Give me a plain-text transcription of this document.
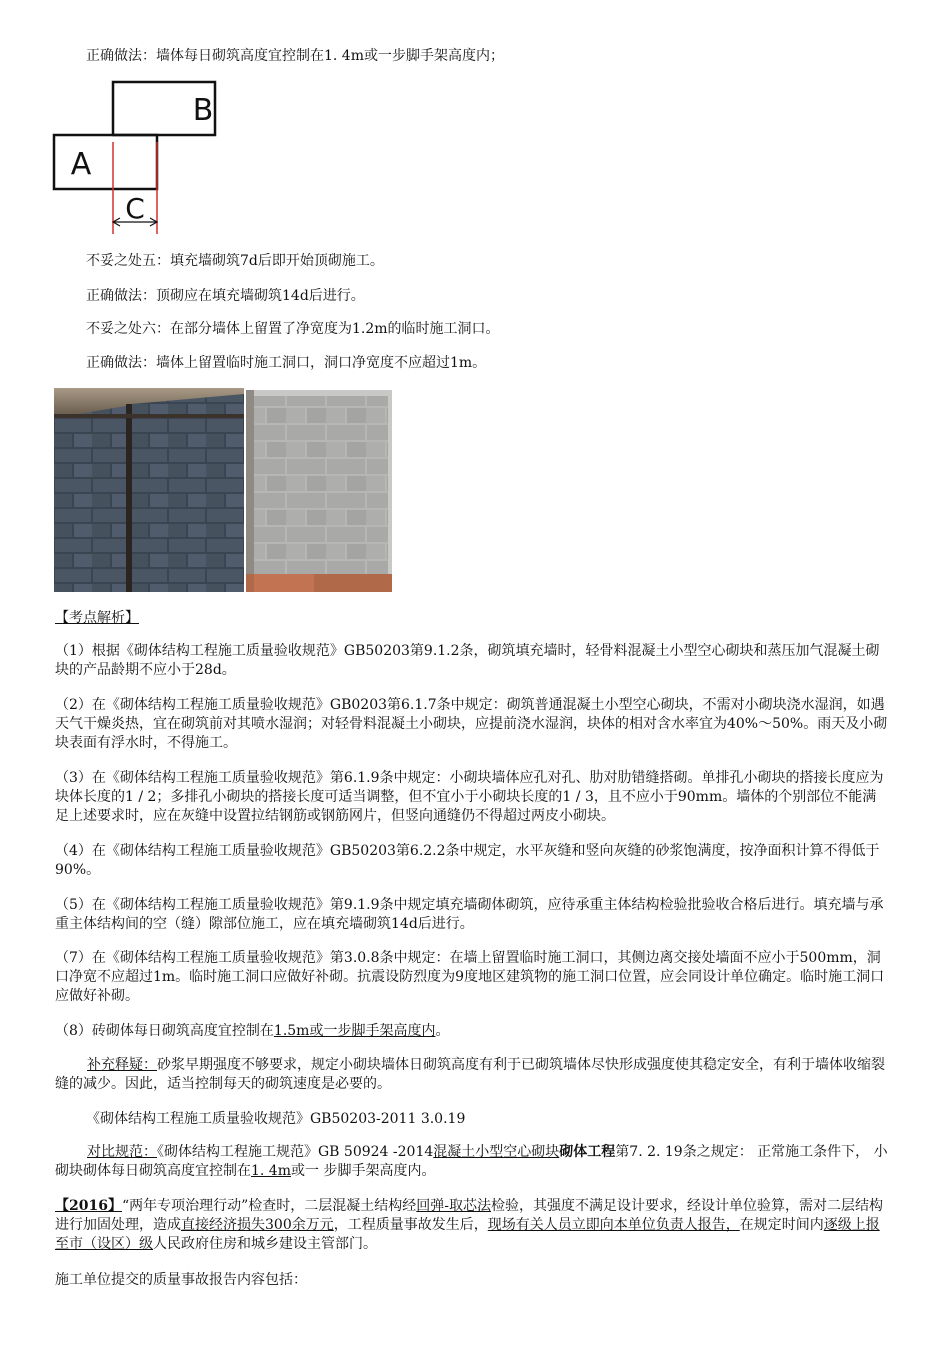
正确做法：墙体每日砌筑高度宜控制在1. 4m或一步脚手架高度内；
B
A
C
不妥之处五：填充墙砌筑7d后即开始顶砌施工。
正确做法：顶砌应在填充墙砌筑14d后进行。
不妥之处六：在部分墙体上留置了净宽度为1.2m的临时施工洞口。
正确做法：墙体上留置临时施工洞口，洞口净宽度不应超过1m。
【考点解析】
（1）根据《砌体结构工程施工质量验收规范》GB50203第9.1.2条，砌筑填充墙时，轻骨料混凝土小型空心砌块和蒸压加气混凝土砌块的产品龄期不应小于28d。
（2）在《砌体结构工程施工质量验收规范》GB0203第6.1.7条中规定：砌筑普通混凝土小型空心砌块，不需对小砌块浇水湿润，如遇天气干燥炎热，宜在砌筑前对其喷水湿润；对轻骨料混凝土小砌块，应提前浇水湿润，块体的相对含水率宜为40%～50%。雨天及小砌块表面有浮水时，不得施工。
（3）在《砌体结构工程施工质量验收规范》第6.1.9条中规定：小砌块墙体应孔对孔、肋对肋错缝搭砌。单排孔小砌块的搭接长度应为块体长度的1 / 2；多排孔小砌块的搭接长度可适当调整，但不宜小于小砌块长度的1 / 3，且不应小于90mm。墙体的个别部位不能满足上述要求时，应在灰缝中设置拉结钢筋或钢筋网片，但竖向通缝仍不得超过两皮小砌块。
（4）在《砌体结构工程施工质量验收规范》GB50203第6.2.2条中规定，水平灰缝和竖向灰缝的砂浆饱满度，按净面积计算不得低于90%。
（5）在《砌体结构工程施工质量验收规范》第9.1.9条中规定填充墙砌体砌筑，应待承重主体结构检验批验收合格后进行。填充墙与承重主体结构间的空（缝）隙部位施工，应在填充墙砌筑14d后进行。
（7）在《砌体结构工程施工质量验收规范》第3.0.8条中规定：在墙上留置临时施工洞口，其侧边离交接处墙面不应小于500mm，洞口净宽不应超过1m。临时施工洞口应做好补砌。抗震设防烈度为9度地区建筑物的施工洞口位置，应会同设计单位确定。临时施工洞口应做好补砌。
（8）砖砌体每日砌筑高度宜控制在1.5m或一步脚手架高度内。
补充释疑：砂浆早期强度不够要求，规定小砌块墙体日砌筑高度有利于已砌筑墙体尽快形成强度使其稳定安全，有利于墙体收缩裂缝的减少。因此，适当控制每天的砌筑速度是必要的。
《砌体结构工程施工质量验收规范》GB50203-2011 3.0.19
对比规范：《砌体结构工程施工规范》GB 50924 -2014混凝土小型空心砌块砌体工程第7. 2. 19条之规定： 正常施工条件下， 小砌块砌体每日砌筑高度宜控制在1. 4m或一 步脚手架高度内。
【2016】“两年专项治理行动”检查时，二层混凝土结构经回弹-取芯法检验，其强度不满足设计要求，经设计单位验算，需对二层结构进行加固处理，造成直接经济损失300余万元，工程质量事故发生后，现场有关人员立即向本单位负责人报告，在规定时间内逐级上报至市（设区）级人民政府住房和城乡建设主管部门。
施工单位提交的质量事故报告内容包括：
